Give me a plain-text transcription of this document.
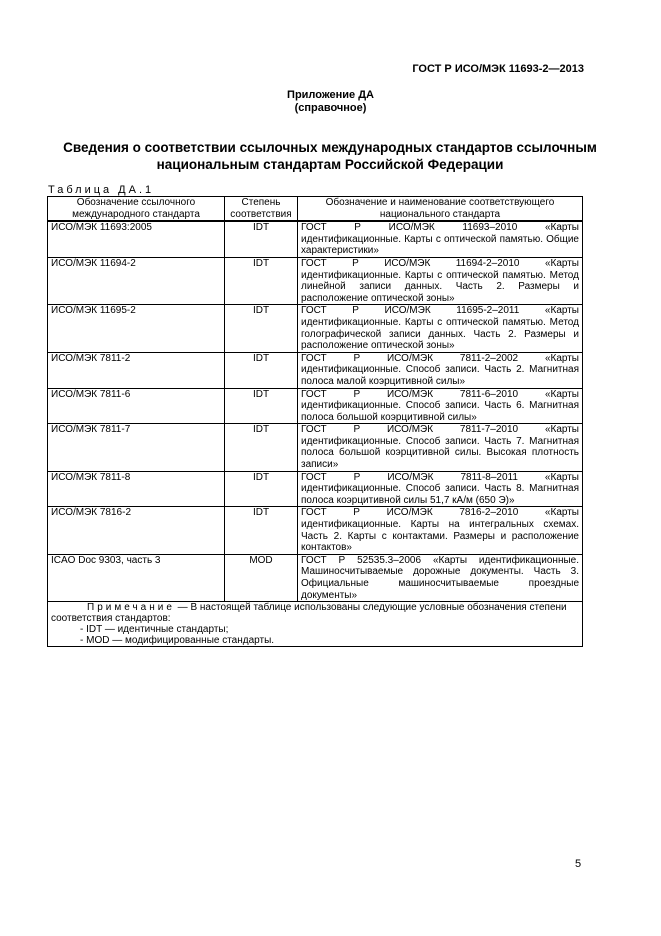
ГОСТ Р ИСО/МЭК 11693-2—2013
Приложение ДА
(справочное)
Сведения о соответствии ссылочных международных стандартов ссылочным
национальным стандартам Российской Федерации
Таблица ДА.1
Обозначение ссылочного международного стандарта	Степень соответствия	Обозначение и наименование соответствующего национального стандарта
ИСО/МЭК 11693:2005	IDT	ГОСТ Р ИСО/МЭК 11693–2010 «Карты идентификационные. Карты с оптической памятью. Общие характеристики»
ИСО/МЭК 11694-2	IDT	ГОСТ Р ИСО/МЭК 11694-2–2010 «Карты идентификационные. Карты с оптической памятью. Метод линейной записи данных. Часть 2. Размеры и расположение оптической зоны»
ИСО/МЭК 11695-2	IDT	ГОСТ Р ИСО/МЭК 11695-2–2011 «Карты идентификационные. Карты с оптической памятью. Метод голографической записи данных. Часть 2. Размеры и расположение оптической зоны»
ИСО/МЭК 7811-2	IDT	ГОСТ Р ИСО/МЭК 7811-2–2002 «Карты идентификационные. Способ записи. Часть 2. Магнитная полоса малой коэрцитивной силы»
ИСО/МЭК 7811-6	IDT	ГОСТ Р ИСО/МЭК 7811-6–2010 «Карты идентификационные. Способ записи. Часть 6. Магнитная полоса большой коэрцитивной силы»
ИСО/МЭК 7811-7	IDT	ГОСТ Р ИСО/МЭК 7811-7–2010 «Карты идентификационные. Способ записи. Часть 7. Магнитная полоса большой коэрцитивной силы. Высокая плотность записи»
ИСО/МЭК 7811-8	IDT	ГОСТ Р ИСО/МЭК 7811-8–2011 «Карты идентификационные. Способ записи. Часть 8. Магнитная полоса коэрцитивной силы 51,7 кА/м (650 Э)»
ИСО/МЭК 7816-2	IDT	ГОСТ Р ИСО/МЭК 7816-2–2010 «Карты идентификационные. Карты на интегральных схемах. Часть 2. Карты с контактами. Размеры и расположение контактов»
ICAO Doc 9303, часть 3	MOD	ГОСТ Р 52535.3–2006 «Карты идентификационные. Машиносчитываемые дорожные документы. Часть 3. Официальные машиносчитываемые проездные документы»

Примечание — В настоящей таблице использованы следующие условные обозначения степени соответствия стандартов:
- IDT — идентичные стандарты;
- MOD — модифицированные стандарты.		
5
